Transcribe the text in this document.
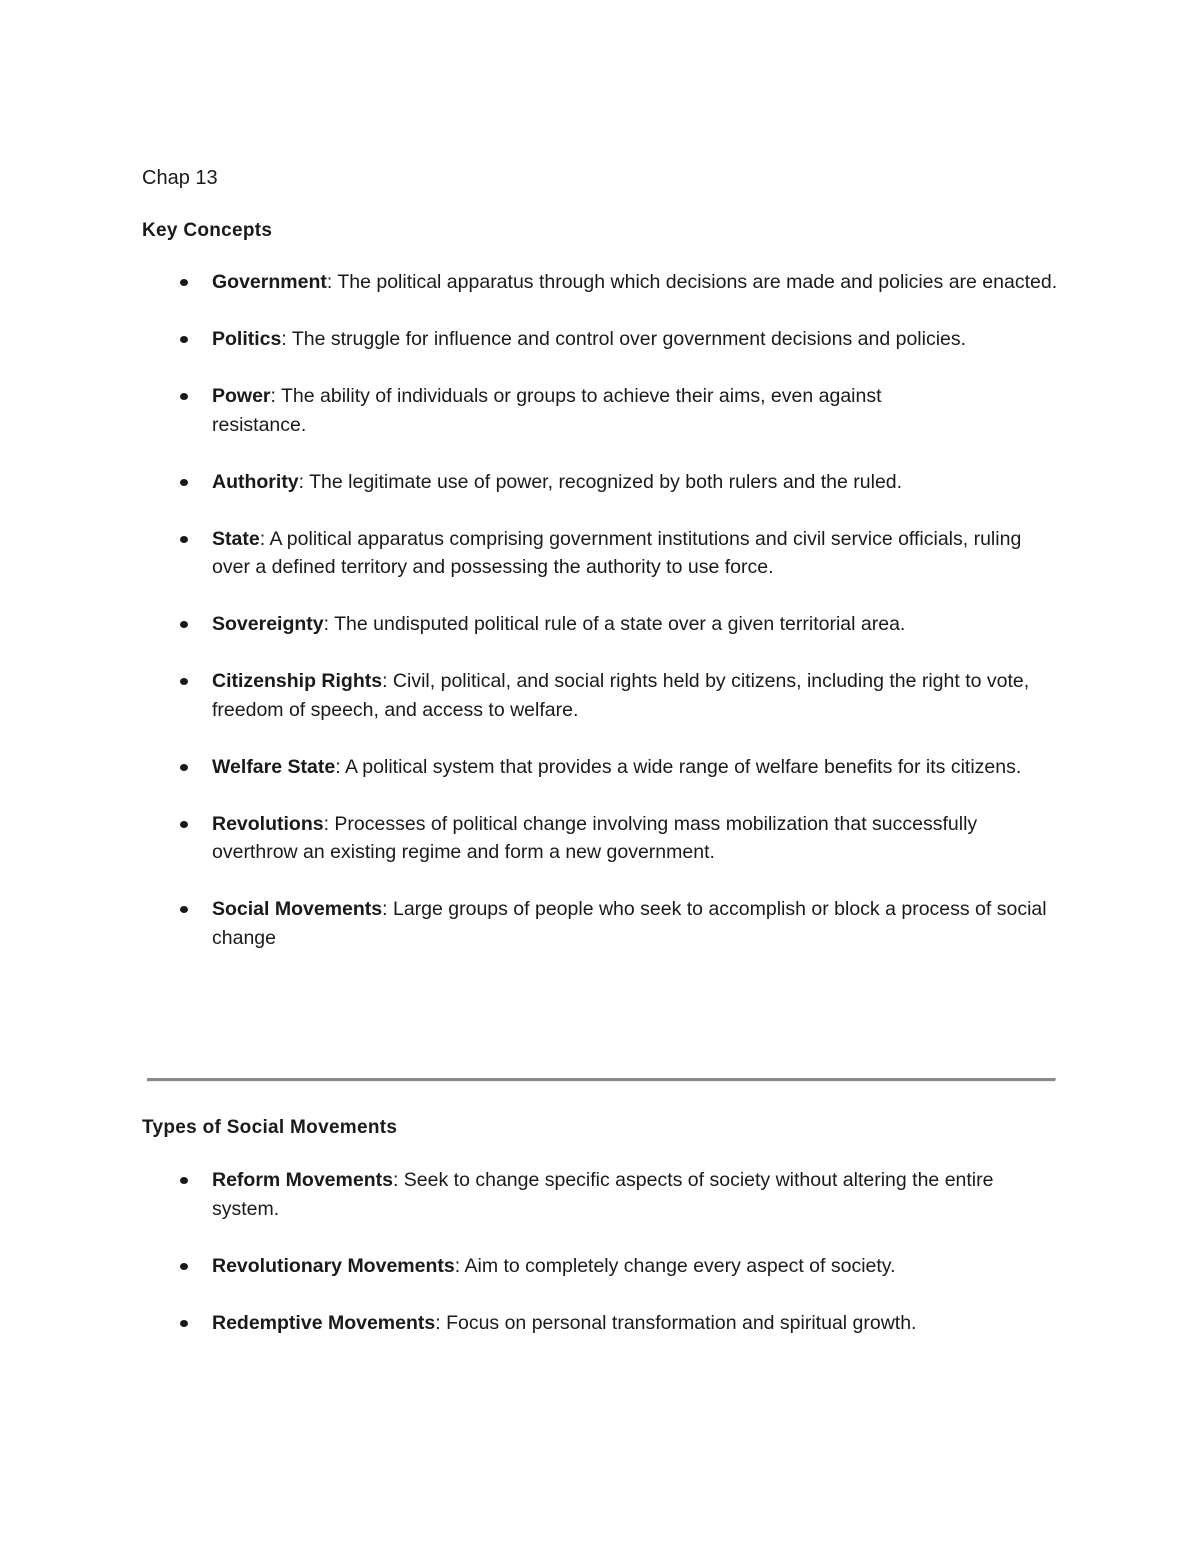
Chap 13

Key Concepts
Government: The political apparatus through which decisions are made and policies are enacted.
Politics: The struggle for influence and control over government decisions and policies.
Power: The ability of individuals or groups to achieve their aims, even against resistance.
Authority: The legitimate use of power, recognized by both rulers and the ruled.
State: A political apparatus comprising government institutions and civil service officials, ruling over a defined territory and possessing the authority to use force.
Sovereignty: The undisputed political rule of a state over a given territorial area.
Citizenship Rights: Civil, political, and social rights held by citizens, including the right to vote, freedom of speech, and access to welfare.
Welfare State: A political system that provides a wide range of welfare benefits for its citizens.
Revolutions: Processes of political change involving mass mobilization that successfully overthrow an existing regime and form a new government.
Social Movements: Large groups of people who seek to accomplish or block a process of social change
Types of Social Movements
Reform Movements: Seek to change specific aspects of society without altering the entire system.
Revolutionary Movements: Aim to completely change every aspect of society.
Redemptive Movements: Focus on personal transformation and spiritual growth.
